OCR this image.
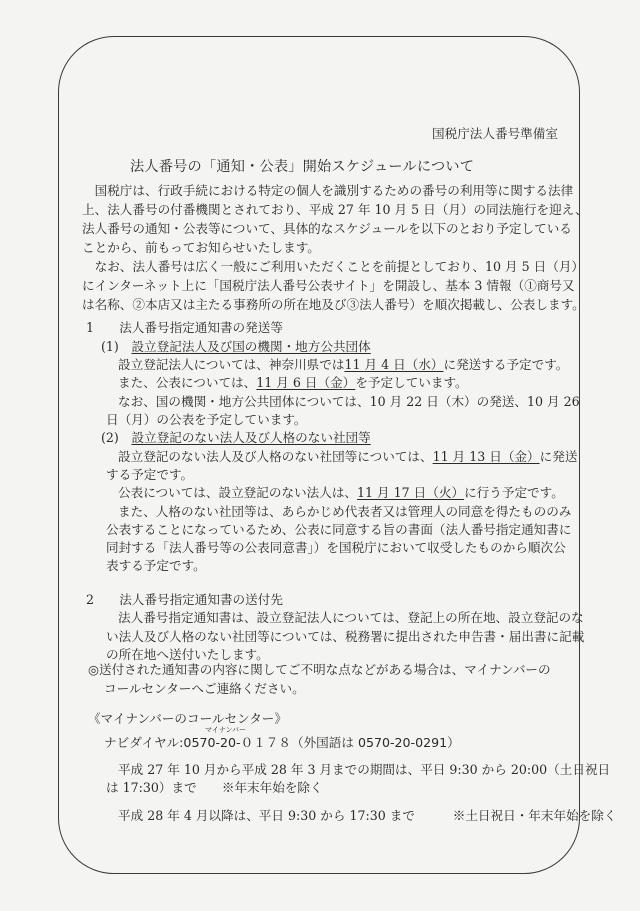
国税庁法人番号準備室
法人番号の「通知・公表」開始スケジュールについて
　国税庁は、行政手続における特定の個人を識別するための番号の利用等に関する法律
上、法人番号の付番機関とされており、平成 27 年 10 月 5 日（月）の同法施行を迎え、
法人番号の通知・公表等について、具体的なスケジュールを以下のとおり予定している
ことから、前もってお知らせいたします。
　なお、法人番号は広く一般にご利用いただくことを前提としており、10 月 5 日（月）
にインターネット上に「国税庁法人番号公表サイト」を開設し、基本 3 情報（①商号又
は名称、②本店又は主たる事務所の所在地及び③法人番号）を順次掲載し、公表します。
1　　法人番号指定通知書の発送等
(1)　 設立登記法人及び国の機関・地方公共団体
設立登記法人については、神奈川県では11 月 4 日（水）に発送する予定です。
また、公表については、11 月 6 日（金）を予定しています。
なお、国の機関・地方公共団体については、10 月 22 日（木）の発送、10 月 26
日（月）の公表を予定しています。
(2)　 設立登記のない法人及び人格のない社団等
設立登記のない法人及び人格のない社団等については、11 月 13 日（金）に発送
する予定です。
公表については、設立登記のない法人は、11 月 17 日（火）に行う予定です。
また、人格のない社団等は、あらかじめ代表者又は管理人の同意を得たもののみ
公表することになっているため、公表に同意する旨の書面（法人番号指定通知書に
同封する「法人番号等の公表同意書」）を国税庁において収受したものから順次公
表する予定です。
2　　法人番号指定通知書の送付先
法人番号指定通知書は、設立登記法人については、登記上の所在地、設立登記のな
い法人及び人格のない社団等については、税務署に提出された申告書・届出書に記載
の所在地へ送付いたします。
◎送付された通知書の内容に関してご不明な点などがある場合は、マイナンバーの
コールセンターへご連絡ください。
《マイナンバーのコールセンター》
マイナンバー
ナビダイヤル:0570-20-０１７８（外国語は 0570-20-0291）
平成 27 年 10 月から平成 28 年 3 月までの期間は、平日 9:30 から 20:00（土日祝日
は 17:30）まで　　※年末年始を除く
平成 28 年 4 月以降は、平日 9:30 から 17:30 まで　　　※土日祝日・年末年始を除く
